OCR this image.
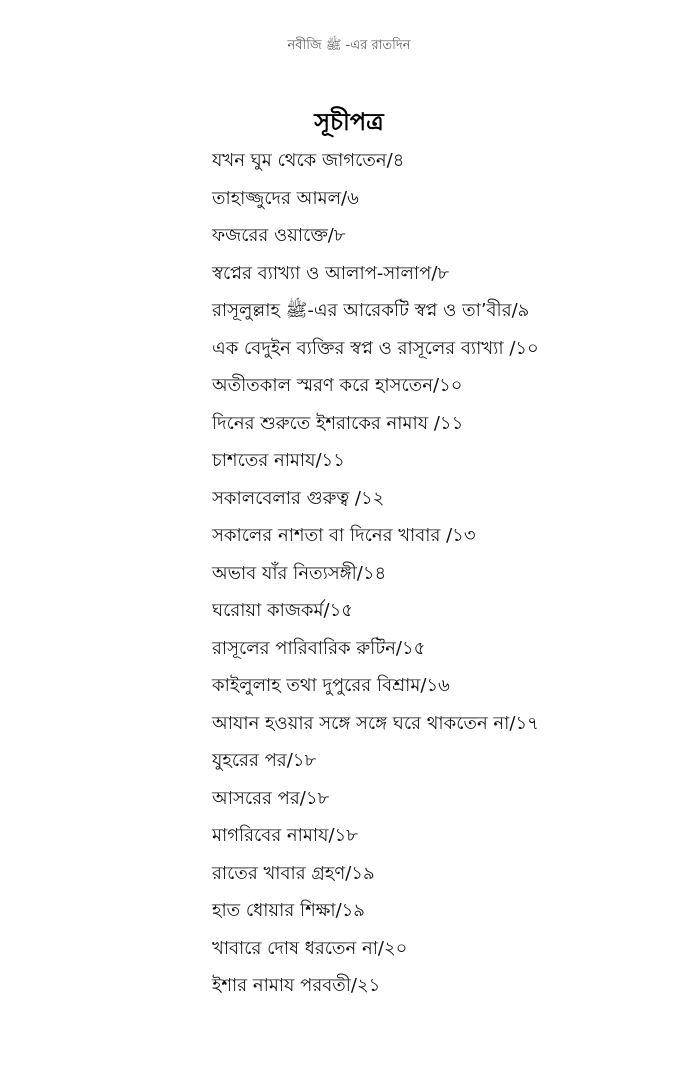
নবীজি ﷺ -এর রাতদিন
সূচীপত্র
যখন ঘুম থেকে জাগতেন/৪
তাহাজ্জুদের আমল/৬
ফজরের ওয়াক্তে/৮
স্বপ্নের ব্যাখ্যা ও আলাপ-সালাপ/৮
রাসূলুল্লাহ ﷺ-এর আরেকটি স্বপ্ন ও তা’বীর/৯
এক বেদুইন ব্যক্তির স্বপ্ন ও রাসূলের ব্যাখ্যা /১০
অতীতকাল স্মরণ করে হাসতেন/১০
দিনের শুরুতে ইশরাকের নামায /১১
চাশতের নামায/১১
সকালবেলার গুরুত্ব /১২
সকালের নাশতা বা দিনের খাবার /১৩
অভাব যাঁর নিত্যসঙ্গী/১৪
ঘরোয়া কাজকর্ম/১৫
রাসূলের পারিবারিক রুটিন/১৫
কাইলুলাহ তথা দুপুরের বিশ্রাম/১৬
আযান হওয়ার সঙ্গে সঙ্গে ঘরে থাকতেন না/১৭
যুহরের পর/১৮
আসরের পর/১৮
মাগরিবের নামায/১৮
রাতের খাবার গ্রহণ/১৯
হাত ধোয়ার শিক্ষা/১৯
খাবারে দোষ ধরতেন না/২০
ইশার নামায পরবতী/২১
